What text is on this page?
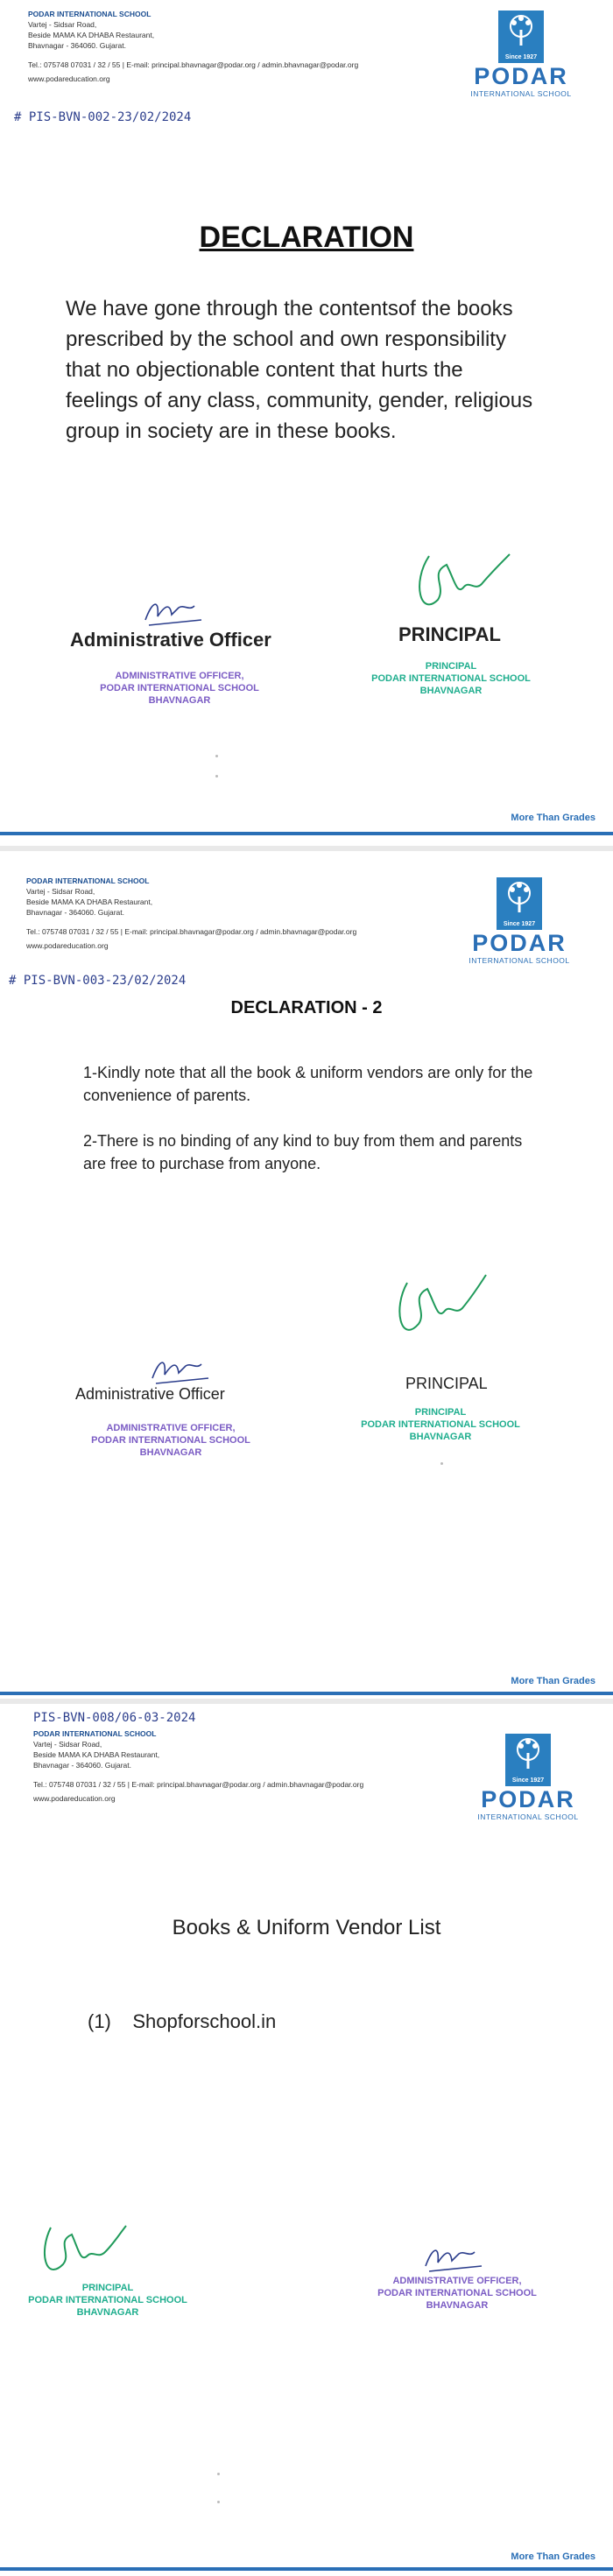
PODAR INTERNATIONAL SCHOOL
Vartej - Sidsar Road,
Beside MAMA KA DHABA Restaurant,
Bhavnagar - 364060. Gujarat.
Tel.: 075748 07031 / 32 / 55 | E-mail: principal.bhavnagar@podar.org / admin.bhavnagar@podar.org
www.podareducation.org
Since 1927
PODAR
INTERNATIONAL SCHOOL
# PIS-BVN-002-23/02/2024
DECLARATION
We have gone through the contentsof the books prescribed by the school and own responsibility that no objectionable content that hurts the feelings of any class, community, gender, religious group in society are in these books.
Administrative Officer
ADMINISTRATIVE OFFICER,
PODAR INTERNATIONAL SCHOOL
BHAVNAGAR
PRINCIPAL
PRINCIPAL
PODAR INTERNATIONAL SCHOOL
BHAVNAGAR
More Than Grades
PODAR INTERNATIONAL SCHOOL
Vartej - Sidsar Road,
Beside MAMA KA DHABA Restaurant,
Bhavnagar - 364060. Gujarat.
Tel.: 075748 07031 / 32 / 55 | E-mail: principal.bhavnagar@podar.org / admin.bhavnagar@podar.org
www.podareducation.org
Since 1927
PODAR
INTERNATIONAL SCHOOL
# PIS-BVN-003-23/02/2024
DECLARATION - 2
1-Kindly note that all the book & uniform vendors are only for the convenience of parents.
2-There is no binding of any kind to buy from them and parents are free to purchase from anyone.
Administrative Officer
ADMINISTRATIVE OFFICER,
PODAR INTERNATIONAL SCHOOL
BHAVNAGAR
PRINCIPAL
PRINCIPAL
PODAR INTERNATIONAL SCHOOL
BHAVNAGAR
More Than Grades
PIS-BVN-008/06-03-2024
PODAR INTERNATIONAL SCHOOL
Vartej - Sidsar Road,
Beside MAMA KA DHABA Restaurant,
Bhavnagar - 364060. Gujarat.
Tel.: 075748 07031 / 32 / 55 | E-mail: principal.bhavnagar@podar.org / admin.bhavnagar@podar.org
www.podareducation.org
Since 1927
PODAR
INTERNATIONAL SCHOOL
Books & Uniform Vendor List
(1) Shopforschool.in
PRINCIPAL
PODAR INTERNATIONAL SCHOOL
BHAVNAGAR
ADMINISTRATIVE OFFICER,
PODAR INTERNATIONAL SCHOOL
BHAVNAGAR
More Than Grades
